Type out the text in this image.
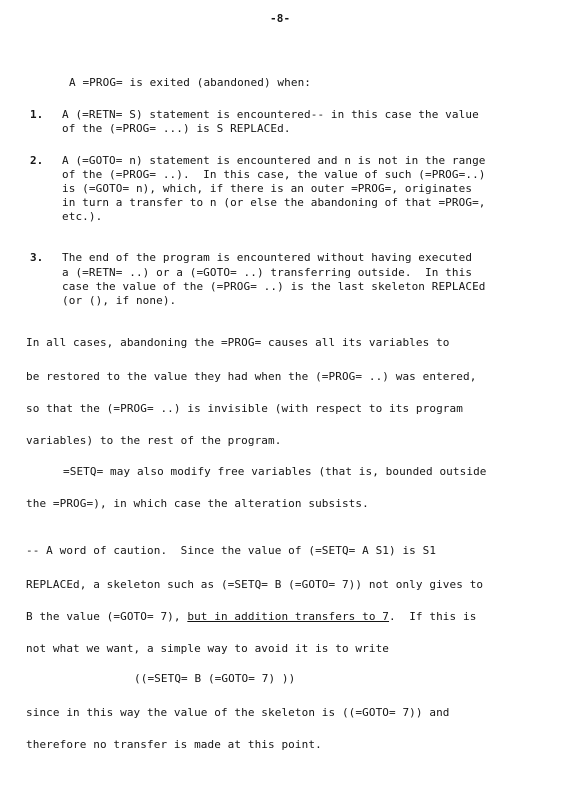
-8-
A =PROG= is exited (abandoned) when:
1. A (=RETN= S) statement is encountered-- in this case the value
of the (=PROG= ...) is S REPLACEd.
2. A (=GOTO= n) statement is encountered and n is not in the range
of the (=PROG= ..).  In this case, the value of such (=PROG=..)
is (=GOTO= n), which, if there is an outer =PROG=, originates
in turn a transfer to n (or else the abandoning of that =PROG=,
etc.).
3. The end of the program is encountered without having executed
a (=RETN= ..) or a (=GOTO= ..) transferring outside.  In this
case the value of the (=PROG= ..) is the last skeleton REPLACEd
(or (), if none).
In all cases, abandoning the =PROG= causes all its variables to
be restored to the value they had when the (=PROG= ..) was entered,
so that the (=PROG= ..) is invisible (with respect to its program
variables) to the rest of the program.
=SETQ= may also modify free variables (that is, bounded outside
the =PROG=), in which case the alteration subsists.
-- A word of caution.  Since the value of (=SETQ= A S1) is S1
REPLACEd, a skeleton such as (=SETQ= B (=GOTO= 7)) not only gives to
B the value (=GOTO= 7), but in addition transfers to 7.  If this is
not what we want, a simple way to avoid it is to write
((=SETQ= B (=GOTO= 7) ))
since in this way the value of the skeleton is ((=GOTO= 7)) and
therefore no transfer is made at this point.
